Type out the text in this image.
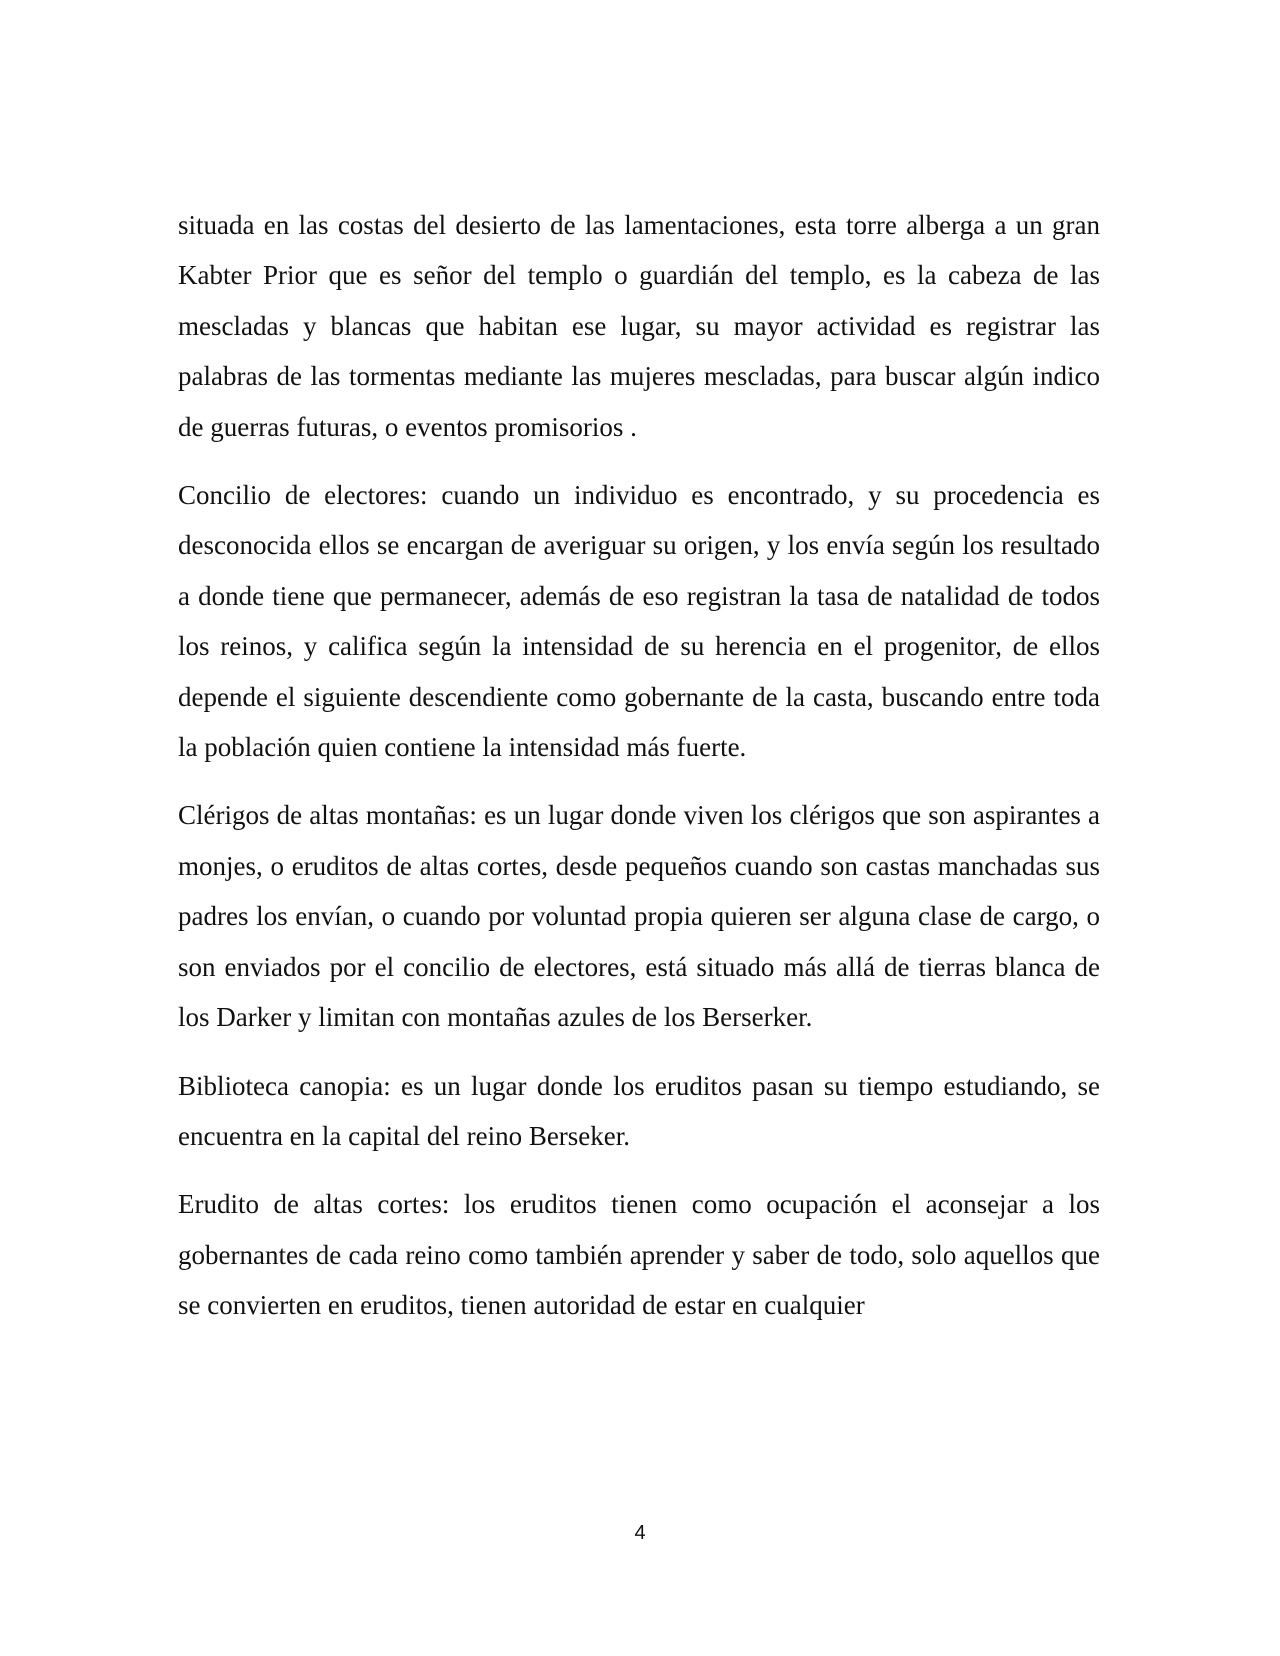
situada en las costas del desierto de las lamentaciones, esta torre alberga a un gran Kabter Prior que es señor del templo o guardián del templo, es la cabeza de las mescladas y blancas que habitan ese lugar, su mayor actividad es registrar las palabras de las tormentas mediante las mujeres mescladas, para buscar algún indico de guerras futuras, o eventos promisorios .

Concilio de electores: cuando un individuo es encontrado, y su procedencia es desconocida ellos se encargan de averiguar su origen, y los envía según los resultado a donde tiene que permanecer, además de eso registran la tasa de natalidad de todos los reinos, y califica según la intensidad de su herencia en el progenitor, de ellos depende el siguiente descendiente como gobernante de la casta, buscando entre toda la población quien contiene la intensidad más fuerte.

Clérigos de altas montañas: es un lugar donde viven los clérigos que son aspirantes a monjes, o eruditos de altas cortes, desde pequeños cuando son castas manchadas sus padres los envían, o cuando por voluntad propia quieren ser alguna clase de cargo, o son enviados por el concilio de electores, está situado más allá de tierras blanca de los Darker y limitan con montañas azules de los Berserker.

Biblioteca canopia: es un lugar donde los eruditos pasan su tiempo estudiando, se encuentra en la capital del reino Berseker.

Erudito de altas cortes: los eruditos tienen como ocupación el aconsejar a los gobernantes de cada reino como también aprender y saber de todo, solo aquellos que se convierten en eruditos, tienen autoridad de estar en cualquier

4
